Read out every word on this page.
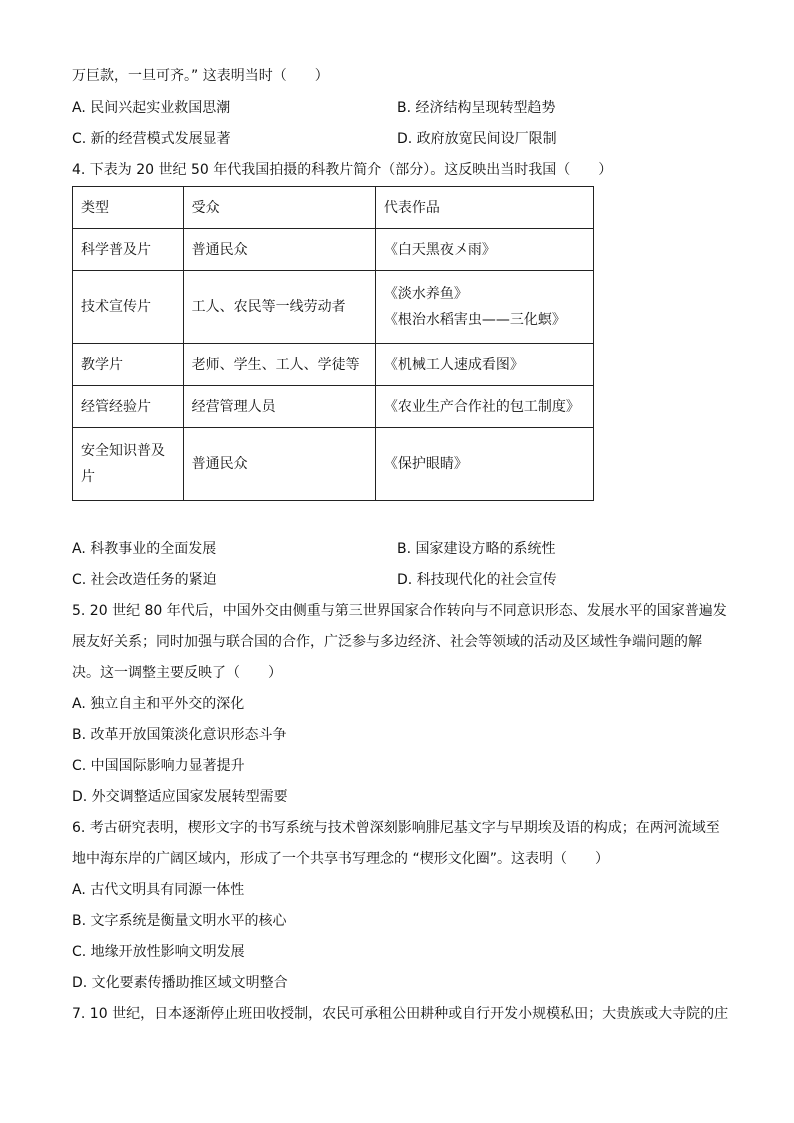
万巨款，一旦可齐。” 这表明当时（　　）
A. 民间兴起实业救国思潮	B. 经济结构呈现转型趋势
C. 新的经营模式发展显著	D. 政府放宽民间设厂限制
4. 下表为 20 世纪 50 年代我国拍摄的科教片简介（部分）。这反映出当时我国（　　）
类型	受众	代表作品
科学普及片	普通民众	《白天黑夜〤雨》
技术宣传片	工人、农民等一线劳动者	《淡水养鱼》
《根治水稻害虫——三化螟》

教学片	老师、学生、工人、学徒等	《机械工人速成看图》
经管经验片	经营管理人员	《农业生产合作社的包工制度》

安全知识普及
片	普通民众	《保护眼睛》
A. 科教事业的全面发展	B. 国家建设方略的系统性
C. 社会改造任务的紧迫	D. 科技现代化的社会宣传
5. 20 世纪 80 年代后，中国外交由侧重与第三世界国家合作转向与不同意识形态、发展水平的国家普遍发
展友好关系；同时加强与联合国的合作，广泛参与多边经济、社会等领域的活动及区域性争端问题的解
决。这一调整主要反映了（　　）
A. 独立自主和平外交的深化
B. 改革开放国策淡化意识形态斗争
C. 中国国际影响力显著提升
D. 外交调整适应国家发展转型需要
6. 考古研究表明，楔形文字的书写系统与技术曾深刻影响腓尼基文字与早期埃及语的构成；在两河流域至
地中海东岸的广阔区域内，形成了一个共享书写理念的 “楔形文化圈”。这表明（　　）
A. 古代文明具有同源一体性
B. 文字系统是衡量文明水平的核心
C. 地缘开放性影响文明发展
D. 文化要素传播助推区域文明整合
7. 10 世纪，日本逐渐停止班田收授制，农民可承租公田耕种或自行开发小规模私田；大贵族或大寺院的庄
